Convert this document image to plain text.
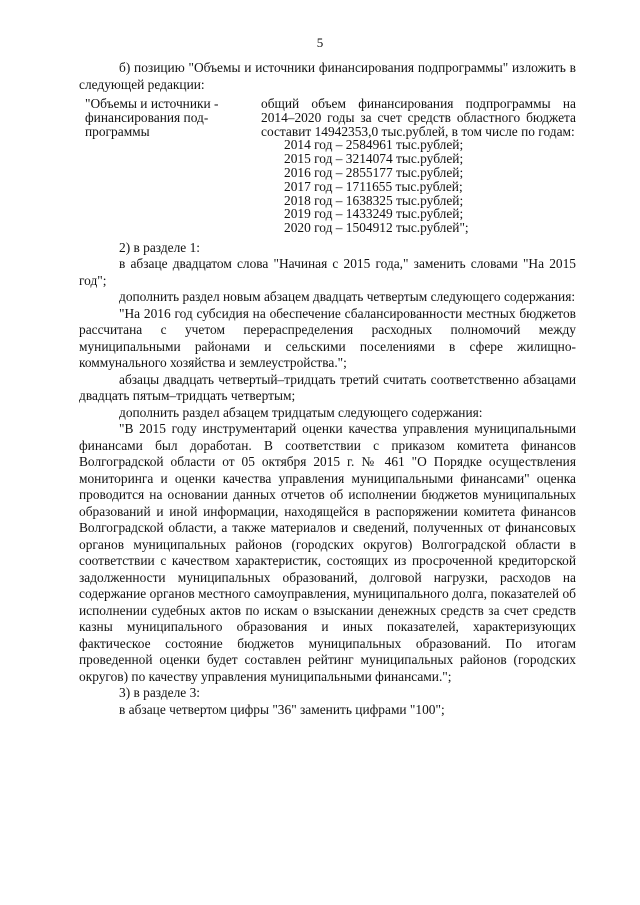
5

б) позицию "Объемы и источники финансирования подпрограммы" изложить в следующей редакции:

"Объемы и источники - финансирования под-программы

общий объем финансирования подпрограммы на 2014–2020 годы за счет средств областного бюджета составит 14942353,0 тыс.рублей, в том числе по годам:

2014 год – 2584961 тыс.рублей;
2015 год – 3214074 тыс.рублей;
2016 год – 2855177 тыс.рублей;
2017 год – 1711655 тыс.рублей;
2018 год – 1638325 тыс.рублей;
2019 год – 1433249 тыс.рублей;
2020 год – 1504912 тыс.рублей";

2) в разделе 1:

в абзаце двадцатом слова "Начиная с 2015 года," заменить словами "На 2015 год";

дополнить раздел новым абзацем двадцать четвертым следующего содержания:

"На 2016 год субсидия на обеспечение сбалансированности местных бюджетов рассчитана с учетом перераспределения расходных полномочий между муниципальными районами и сельскими поселениями в сфере жилищно-коммунального хозяйства и землеустройства.";

абзацы двадцать четвертый–тридцать третий считать соответственно абзацами двадцать пятым–тридцать четвертым;

дополнить раздел абзацем тридцатым следующего содержания:

"В 2015 году инструментарий оценки качества управления муниципальными финансами был доработан. В соответствии с приказом комитета финансов Волгоградской области от 05 октября 2015 г. № 461 "О Порядке осуществления мониторинга и оценки качества управления муниципальными финансами" оценка проводится на основании данных отчетов об исполнении бюджетов муниципальных образований и иной информации, находящейся в распоряжении комитета финансов Волгоградской области, а также материалов и сведений, полученных от финансовых органов муниципальных районов (городских округов) Волгоградской области в соответствии с качеством характеристик, состоящих из просроченной кредиторской задолженности муниципальных образований, долговой нагрузки, расходов на содержание органов местного самоуправления, муниципального долга, показателей об исполнении судебных актов по искам о взыскании денежных средств за счет средств казны муниципального образования и иных показателей, характеризующих фактическое состояние бюджетов муниципальных образований. По итогам проведенной оценки будет составлен рейтинг муниципальных районов (городских округов) по качеству управления муниципальными финансами.";

3) в разделе 3:

в абзаце четвертом цифры "36" заменить цифрами "100";
